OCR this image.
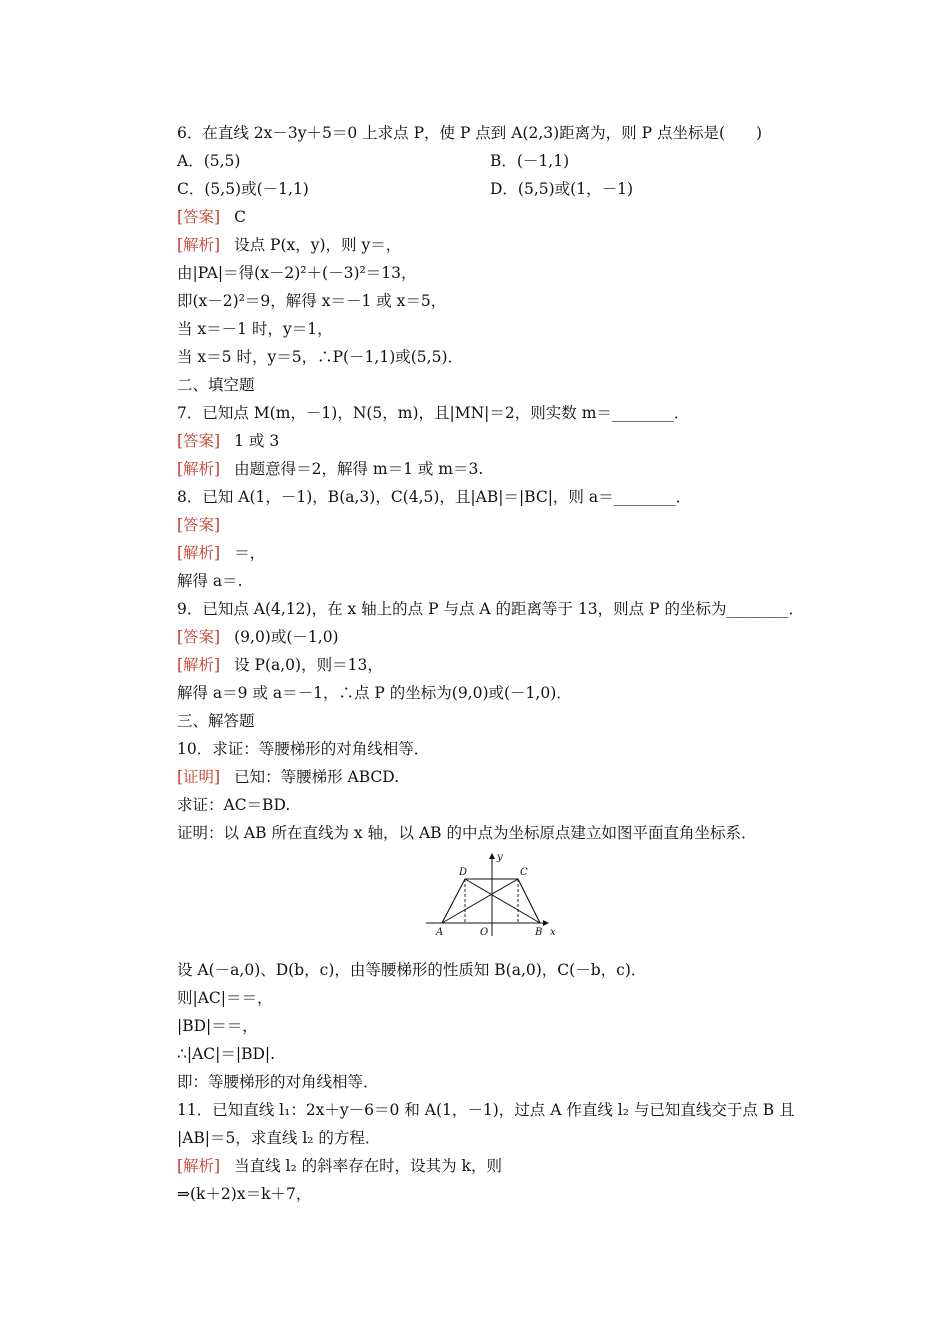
6．在直线 2x－3y＋5＝0 上求点 P，使 P 点到 A(2,3)距离为，则 P 点坐标是(　　)
A．(5,5)	B．(－1,1)
C．(5,5)或(－1,1)	D．(5,5)或(1，－1)
[答案] C
[解析] 设点 P(x，y)，则 y＝，
由|PA|＝得(x－2)²＋(－3)²＝13，
即(x－2)²＝9，解得 x＝－1 或 x＝5，
当 x＝－1 时，y＝1，
当 x＝5 时，y＝5，∴P(－1,1)或(5,5)．
二、填空题
7．已知点 M(m，－1)，N(5，m)，且|MN|＝2，则实数 m＝________．
[答案] 1 或 3
[解析] 由题意得＝2，解得 m＝1 或 m＝3.
8．已知 A(1，－1)，B(a,3)，C(4,5)，且|AB|＝|BC|，则 a＝________．
[答案]
[解析] ＝，
解得 a＝.
9．已知点 A(4,12)，在 x 轴上的点 P 与点 A 的距离等于 13，则点 P 的坐标为________．
[答案] (9,0)或(－1,0)
[解析] 设 P(a,0)，则＝13，
解得 a＝9 或 a＝－1，∴点 P 的坐标为(9,0)或(－1,0)．
三、解答题
10．求证：等腰梯形的对角线相等．
[证明] 已知：等腰梯形 ABCD.
求证：AC＝BD.
证明：以 AB 所在直线为 x 轴，以 AB 的中点为坐标原点建立如图平面直角坐标系．
y
x
D	C
A	O	B
设 A(－a,0)、D(b，c)，由等腰梯形的性质知 B(a,0)，C(－b，c)．
则|AC|＝＝，
|BD|＝＝，
∴|AC|＝|BD|.
即：等腰梯形的对角线相等．
11．已知直线 l₁：2x＋y－6＝0 和 A(1，－1)，过点 A 作直线 l₂ 与已知直线交于点 B 且
|AB|＝5，求直线 l₂ 的方程．
[解析] 当直线 l₂ 的斜率存在时，设其为 k，则
⇒(k＋2)x＝k＋7，
